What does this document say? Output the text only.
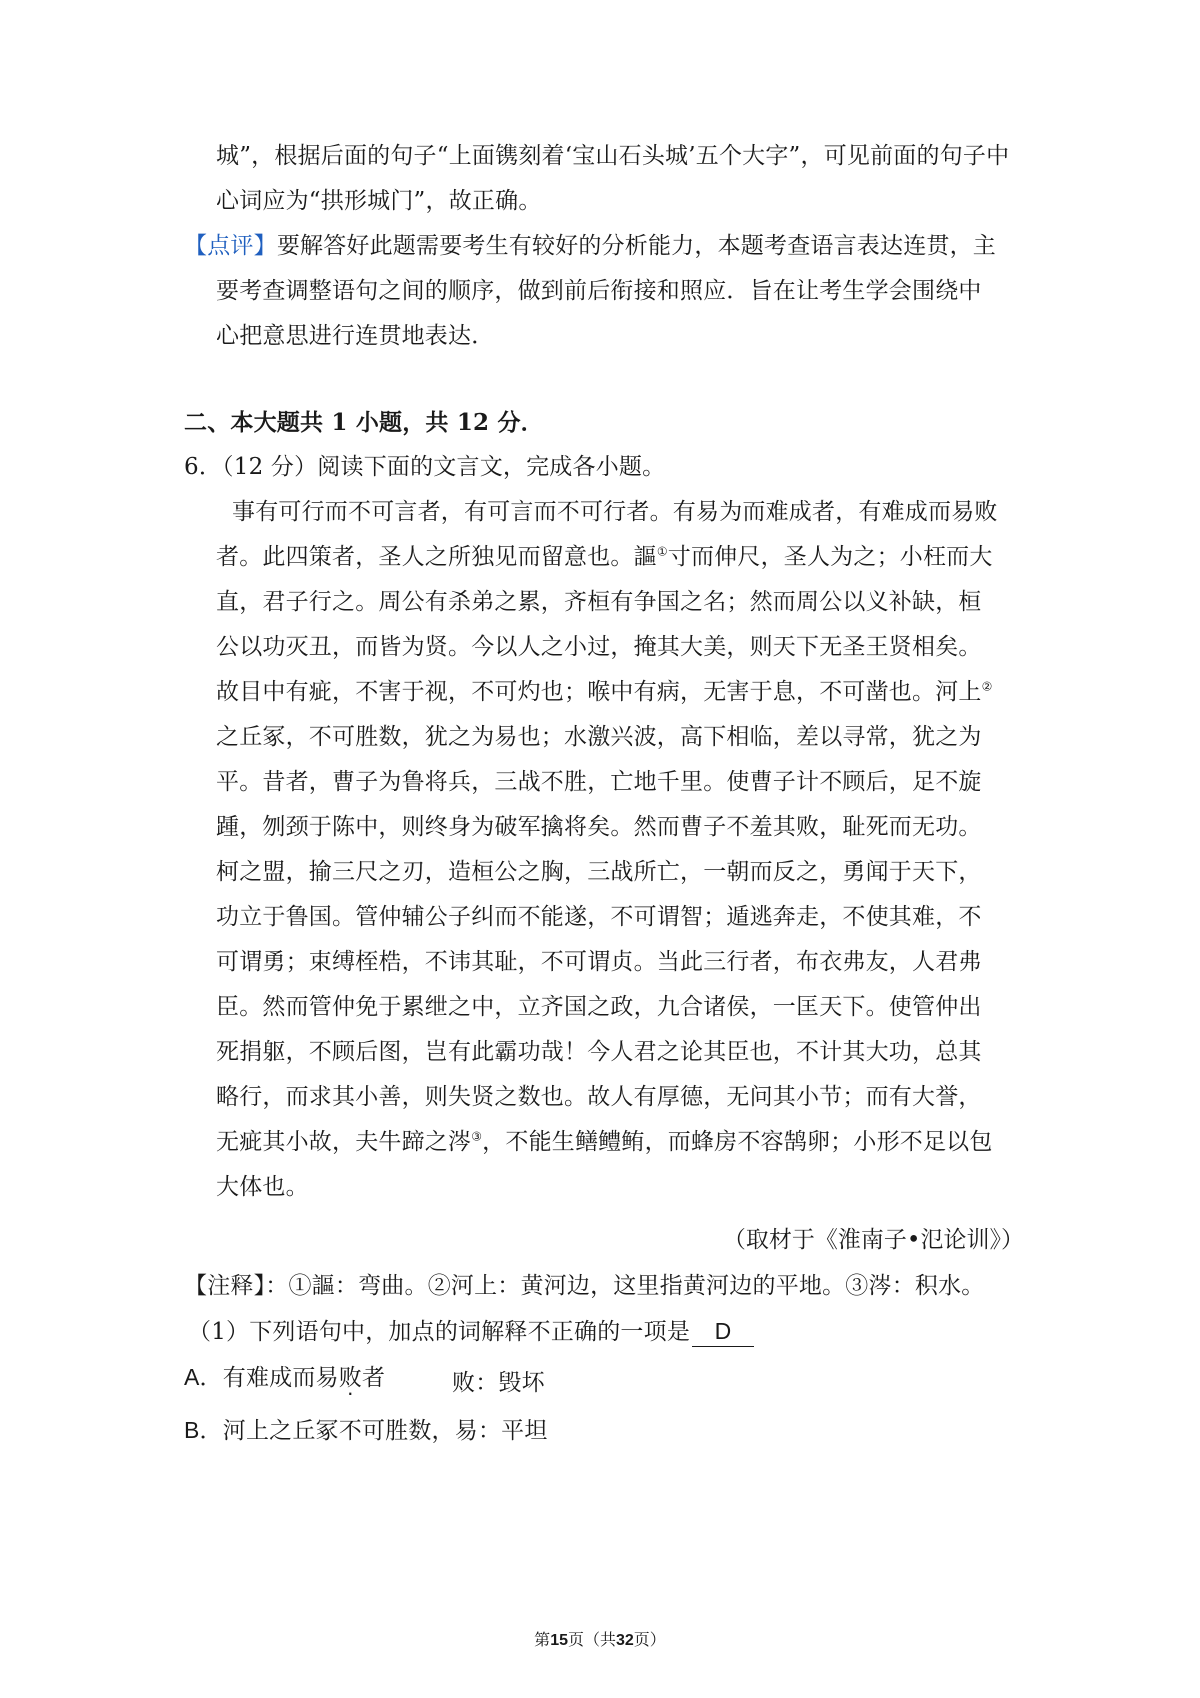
城”，根据后面的句子“上面镌刻着‘宝山石头城’五个大字”，可见前面的句子中
心词应为“拱形城门”，故正确。
【点评】要解答好此题需要考生有较好的分析能力，本题考查语言表达连贯，主
要考查调整语句之间的顺序，做到前后衔接和照应．旨在让考生学会围绕中
心把意思进行连贯地表达．
二、本大题共 1 小题，共 12 分．
6．（12 分）阅读下面的文言文，完成各小题。
事有可行而不可言者，有可言而不可行者。有易为而难成者，有难成而易败
者。此四策者，圣人之所独见而留意也。謳①寸而伸尺，圣人为之；小枉而大
直，君子行之。周公有杀弟之累，齐桓有争国之名；然而周公以义补缺，桓
公以功灭丑，而皆为贤。今以人之小过，掩其大美，则天下无圣王贤相矣。
故目中有疵，不害于视，不可灼也；喉中有病，无害于息，不可凿也。河上②
之丘冢，不可胜数，犹之为易也；水激兴波，高下相临，差以寻常，犹之为
平。昔者，曹子为鲁将兵，三战不胜，亡地千里。使曹子计不顾后，足不旋
踵，刎颈于陈中，则终身为破军擒将矣。然而曹子不羞其败，耻死而无功。
柯之盟，揄三尺之刃，造桓公之胸，三战所亡，一朝而反之，勇闻于天下，
功立于鲁国。管仲辅公子纠而不能遂，不可谓智；遁逃奔走，不使其难，不
可谓勇；束缚桎梏，不讳其耻，不可谓贞。当此三行者，布衣弗友，人君弗
臣。然而管仲免于累绁之中，立齐国之政，九合诸侯，一匡天下。使管仲出
死捐躯，不顾后图，岂有此霸功哉！今人君之论其臣也，不计其大功，总其
略行，而求其小善，则失贤之数也。故人有厚德，无问其小节；而有大誉，
无疵其小故，夫牛蹄之涔③，不能生鳝鳢鲔，而蜂房不容鹄卵；小形不足以包
大体也。
（取材于《淮南子•氾论训》）
【注释】：①謳：弯曲。②河上：黄河边，这里指黄河边的平地。③涔：积水。
（1）下列语句中，加点的词解释不正确的一项是 D
A．有难成而易败者	败：毁坏
B．河上之丘冢不可胜数，易：平坦
第15页（共32页）
